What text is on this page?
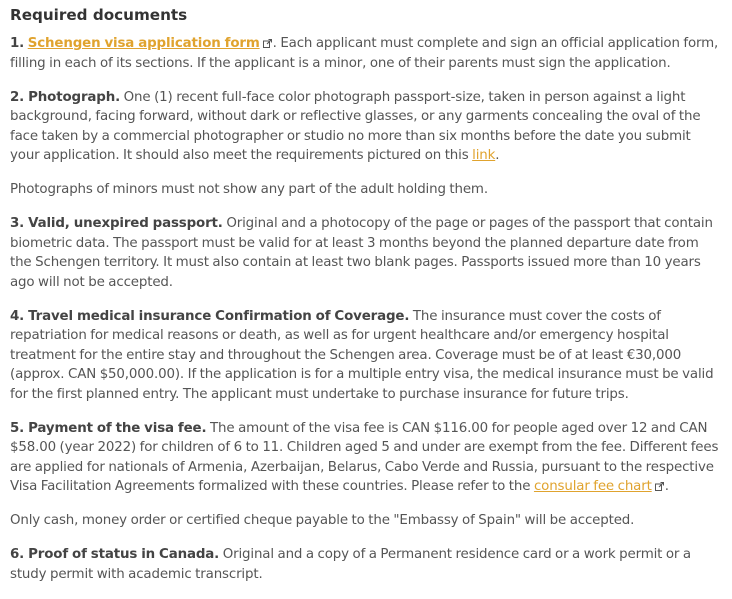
Required documents

1. Schengen visa application form . Each applicant must complete and sign an official application form, filling in each of its sections. If the applicant is a minor, one of their parents must sign the application.

2. Photograph. One (1) recent full-face color photograph passport-size, taken in person against a light background, facing forward, without dark or reflective glasses, or any garments concealing the oval of the face taken by a commercial photographer or studio no more than six months before the date you submit your application. It should also meet the requirements pictured on this link.

Photographs of minors must not show any part of the adult holding them.

3. Valid, unexpired passport. Original and a photocopy of the page or pages of the passport that contain biometric data. The passport must be valid for at least 3 months beyond the planned departure date from the Schengen territory. It must also contain at least two blank pages. Passports issued more than 10 years ago will not be accepted.

4. Travel medical insurance Confirmation of Coverage. The insurance must cover the costs of repatriation for medical reasons or death, as well as for urgent healthcare and/or emergency hospital treatment for the entire stay and throughout the Schengen area. Coverage must be of at least €30,000 (approx. CAN $50,000.00). If the application is for a multiple entry visa, the medical insurance must be valid for the first planned entry. The applicant must undertake to purchase insurance for future trips.

5. Payment of the visa fee. The amount of the visa fee is CAN $116.00 for people aged over 12 and CAN $58.00 (year 2022) for children of 6 to 11. Children aged 5 and under are exempt from the fee. Different fees are applied for nationals of Armenia, Azerbaijan, Belarus, Cabo Verde and Russia, pursuant to the respective Visa Facilitation Agreements formalized with these countries. Please refer to the consular fee chart .

Only cash, money order or certified cheque payable to the "Embassy of Spain" will be accepted.

6. Proof of status in Canada. Original and a copy of a Permanent residence card or a work permit or a study permit with academic transcript.
